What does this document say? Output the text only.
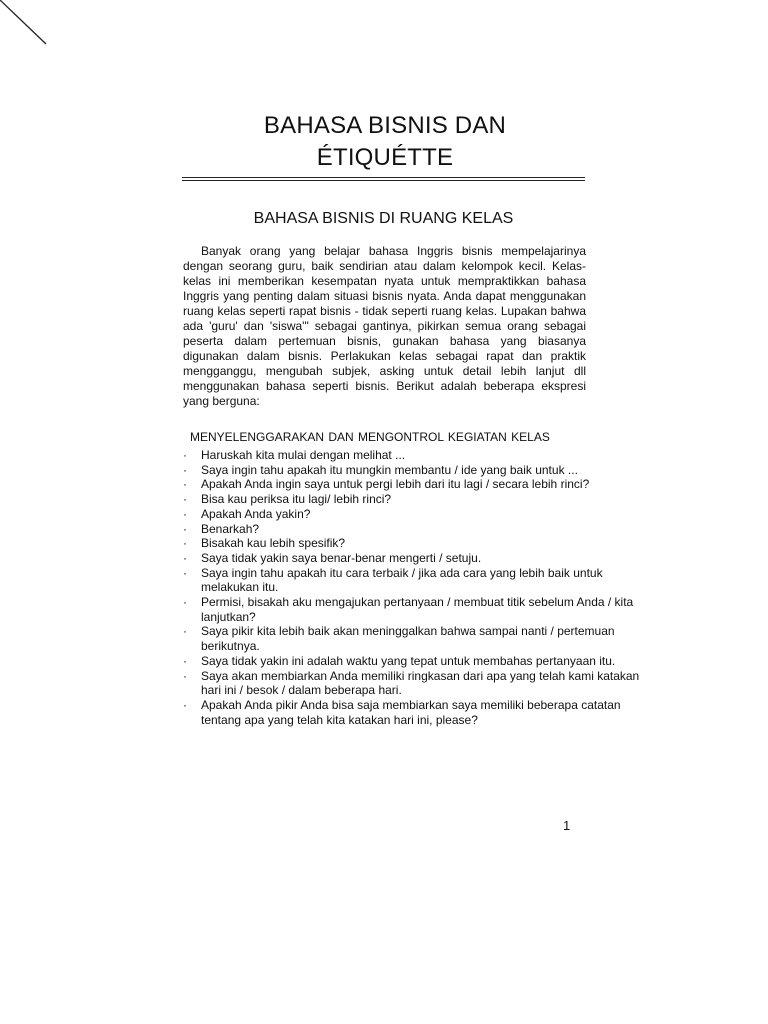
BAHASA BISNIS DAN
ÉTIQUÉTTE
BAHASA BISNIS DI RUANG KELAS

Banyak orang yang belajar bahasa Inggris bisnis mempelajarinya dengan seorang guru, baik sendirian atau dalam kelompok kecil. Kelas-kelas ini memberikan kesempatan nyata untuk mempraktikkan bahasa Inggris yang penting dalam situasi bisnis nyata. Anda dapat menggunakan ruang kelas seperti rapat bisnis - tidak seperti ruang kelas. Lupakan bahwa ada 'guru' dan 'siswa'" sebagai gantinya, pikirkan semua orang sebagai peserta dalam pertemuan bisnis, gunakan bahasa yang biasanya digunakan dalam bisnis. Perlakukan kelas sebagai rapat dan praktik mengganggu, mengubah subjek, asking untuk detail lebih lanjut dll menggunakan bahasa seperti bisnis. Berikut adalah beberapa ekspresi yang berguna:

MENYELENGGARAKAN DAN MENGONTROL KEGIATAN KELAS
· Haruskah kita mulai dengan melihat ...
· Saya ingin tahu apakah itu mungkin membantu / ide yang baik untuk ...
· Apakah Anda ingin saya untuk pergi lebih dari itu lagi / secara lebih rinci?
· Bisa kau periksa itu lagi/ lebih rinci?
· Apakah Anda yakin?
· Benarkah?
· Bisakah kau lebih spesifik?
· Saya tidak yakin saya benar-benar mengerti / setuju.
· Saya ingin tahu apakah itu cara terbaik / jika ada cara yang lebih baik untuk melakukan itu.
· Permisi, bisakah aku mengajukan pertanyaan / membuat titik sebelum Anda / kita lanjutkan?
· Saya pikir kita lebih baik akan meninggalkan bahwa sampai nanti / pertemuan berikutnya.
· Saya tidak yakin ini adalah waktu yang tepat untuk membahas pertanyaan itu.
· Saya akan membiarkan Anda memiliki ringkasan dari apa yang telah kami katakan hari ini / besok / dalam beberapa hari.
· Apakah Anda pikir Anda bisa saja membiarkan saya memiliki beberapa catatan tentang apa yang telah kita katakan hari ini, please?

1
